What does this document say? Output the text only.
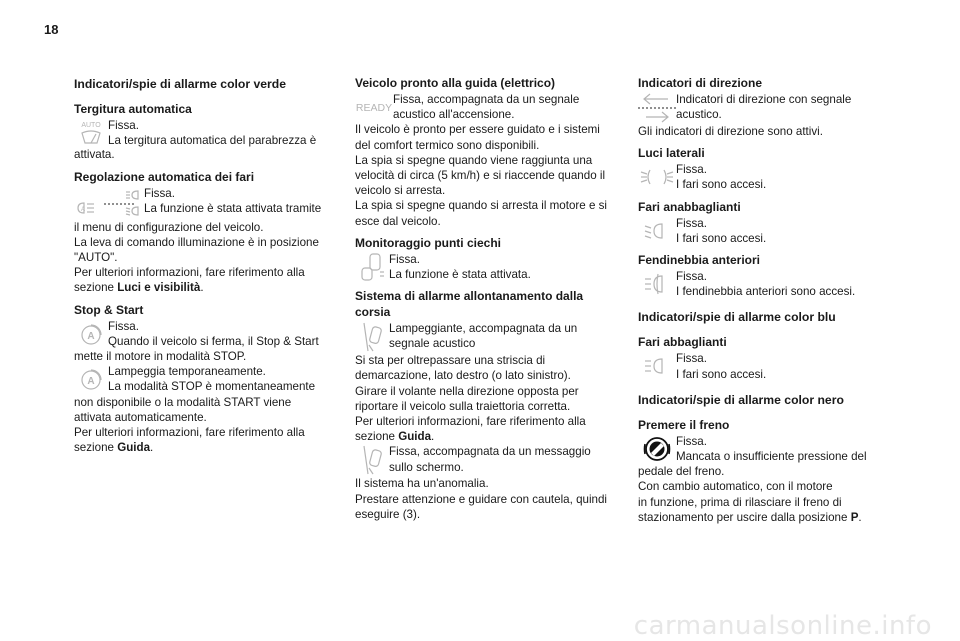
18
Indicatori/spie di allarme color verde
Tergitura automatica
AUTO Fissa.
La tergitura automatica del parabrezza è
attivata.
Regolazione automatica dei fari
A
Fissa.
La funzione è stata attivata tramite
il menu di configurazione del veicolo.
La leva di comando illuminazione è in posizione
"AUTO".
Per ulteriori informazioni, fare riferimento alla
sezione Luci e visibilità.
Stop & Start
A
Fissa.
Quando il veicolo si ferma, il Stop & Start
mette il motore in modalità STOP.
A
Lampeggia temporaneamente.
La modalità STOP è momentaneamente
non disponibile o la modalità START viene
attivata automaticamente.
Per ulteriori informazioni, fare riferimento alla
sezione Guida.
Veicolo pronto alla guida (elettrico)
READY
Fissa, accompagnata da un segnale
acustico all'accensione.
Il veicolo è pronto per essere guidato e i sistemi
del comfort termico sono disponibili.
La spia si spegne quando viene raggiunta una
velocità di circa (5 km/h) e si riaccende quando il
veicolo si arresta.
La spia si spegne quando si arresta il motore e si
esce dal veicolo.
Monitoraggio punti ciechi
Fissa.
La funzione è stata attivata.
Sistema di allarme allontanamento dalla
corsia
Lampeggiante, accompagnata da un
segnale acustico
Si sta per oltrepassare una striscia di
demarcazione, lato destro (o lato sinistro).
Girare il volante nella direzione opposta per
riportare il veicolo sulla traiettoria corretta.
Per ulteriori informazioni, fare riferimento alla
sezione Guida.
Fissa, accompagnata da un messaggio
sullo schermo.
Il sistema ha un'anomalia.
Prestare attenzione e guidare con cautela, quindi
eseguire (3).
Indicatori di direzione
Indicatori di direzione con segnale
acustico.
Gli indicatori di direzione sono attivi.
Luci laterali
Fissa.
I fari sono accesi.
Fari anabbaglianti
Fissa.
I fari sono accesi.
Fendinebbia anteriori
Fissa.
I fendinebbia anteriori sono accesi.
Indicatori/spie di allarme color blu
Fari abbaglianti
Fissa.
I fari sono accesi.
Indicatori/spie di allarme color nero
Premere il freno
Fissa.
Mancata o insufficiente pressione del
pedale del freno.
Con cambio automatico, con il motore
in funzione, prima di rilasciare il freno di
stazionamento per uscire dalla posizione P.
carmanualsonline.info
